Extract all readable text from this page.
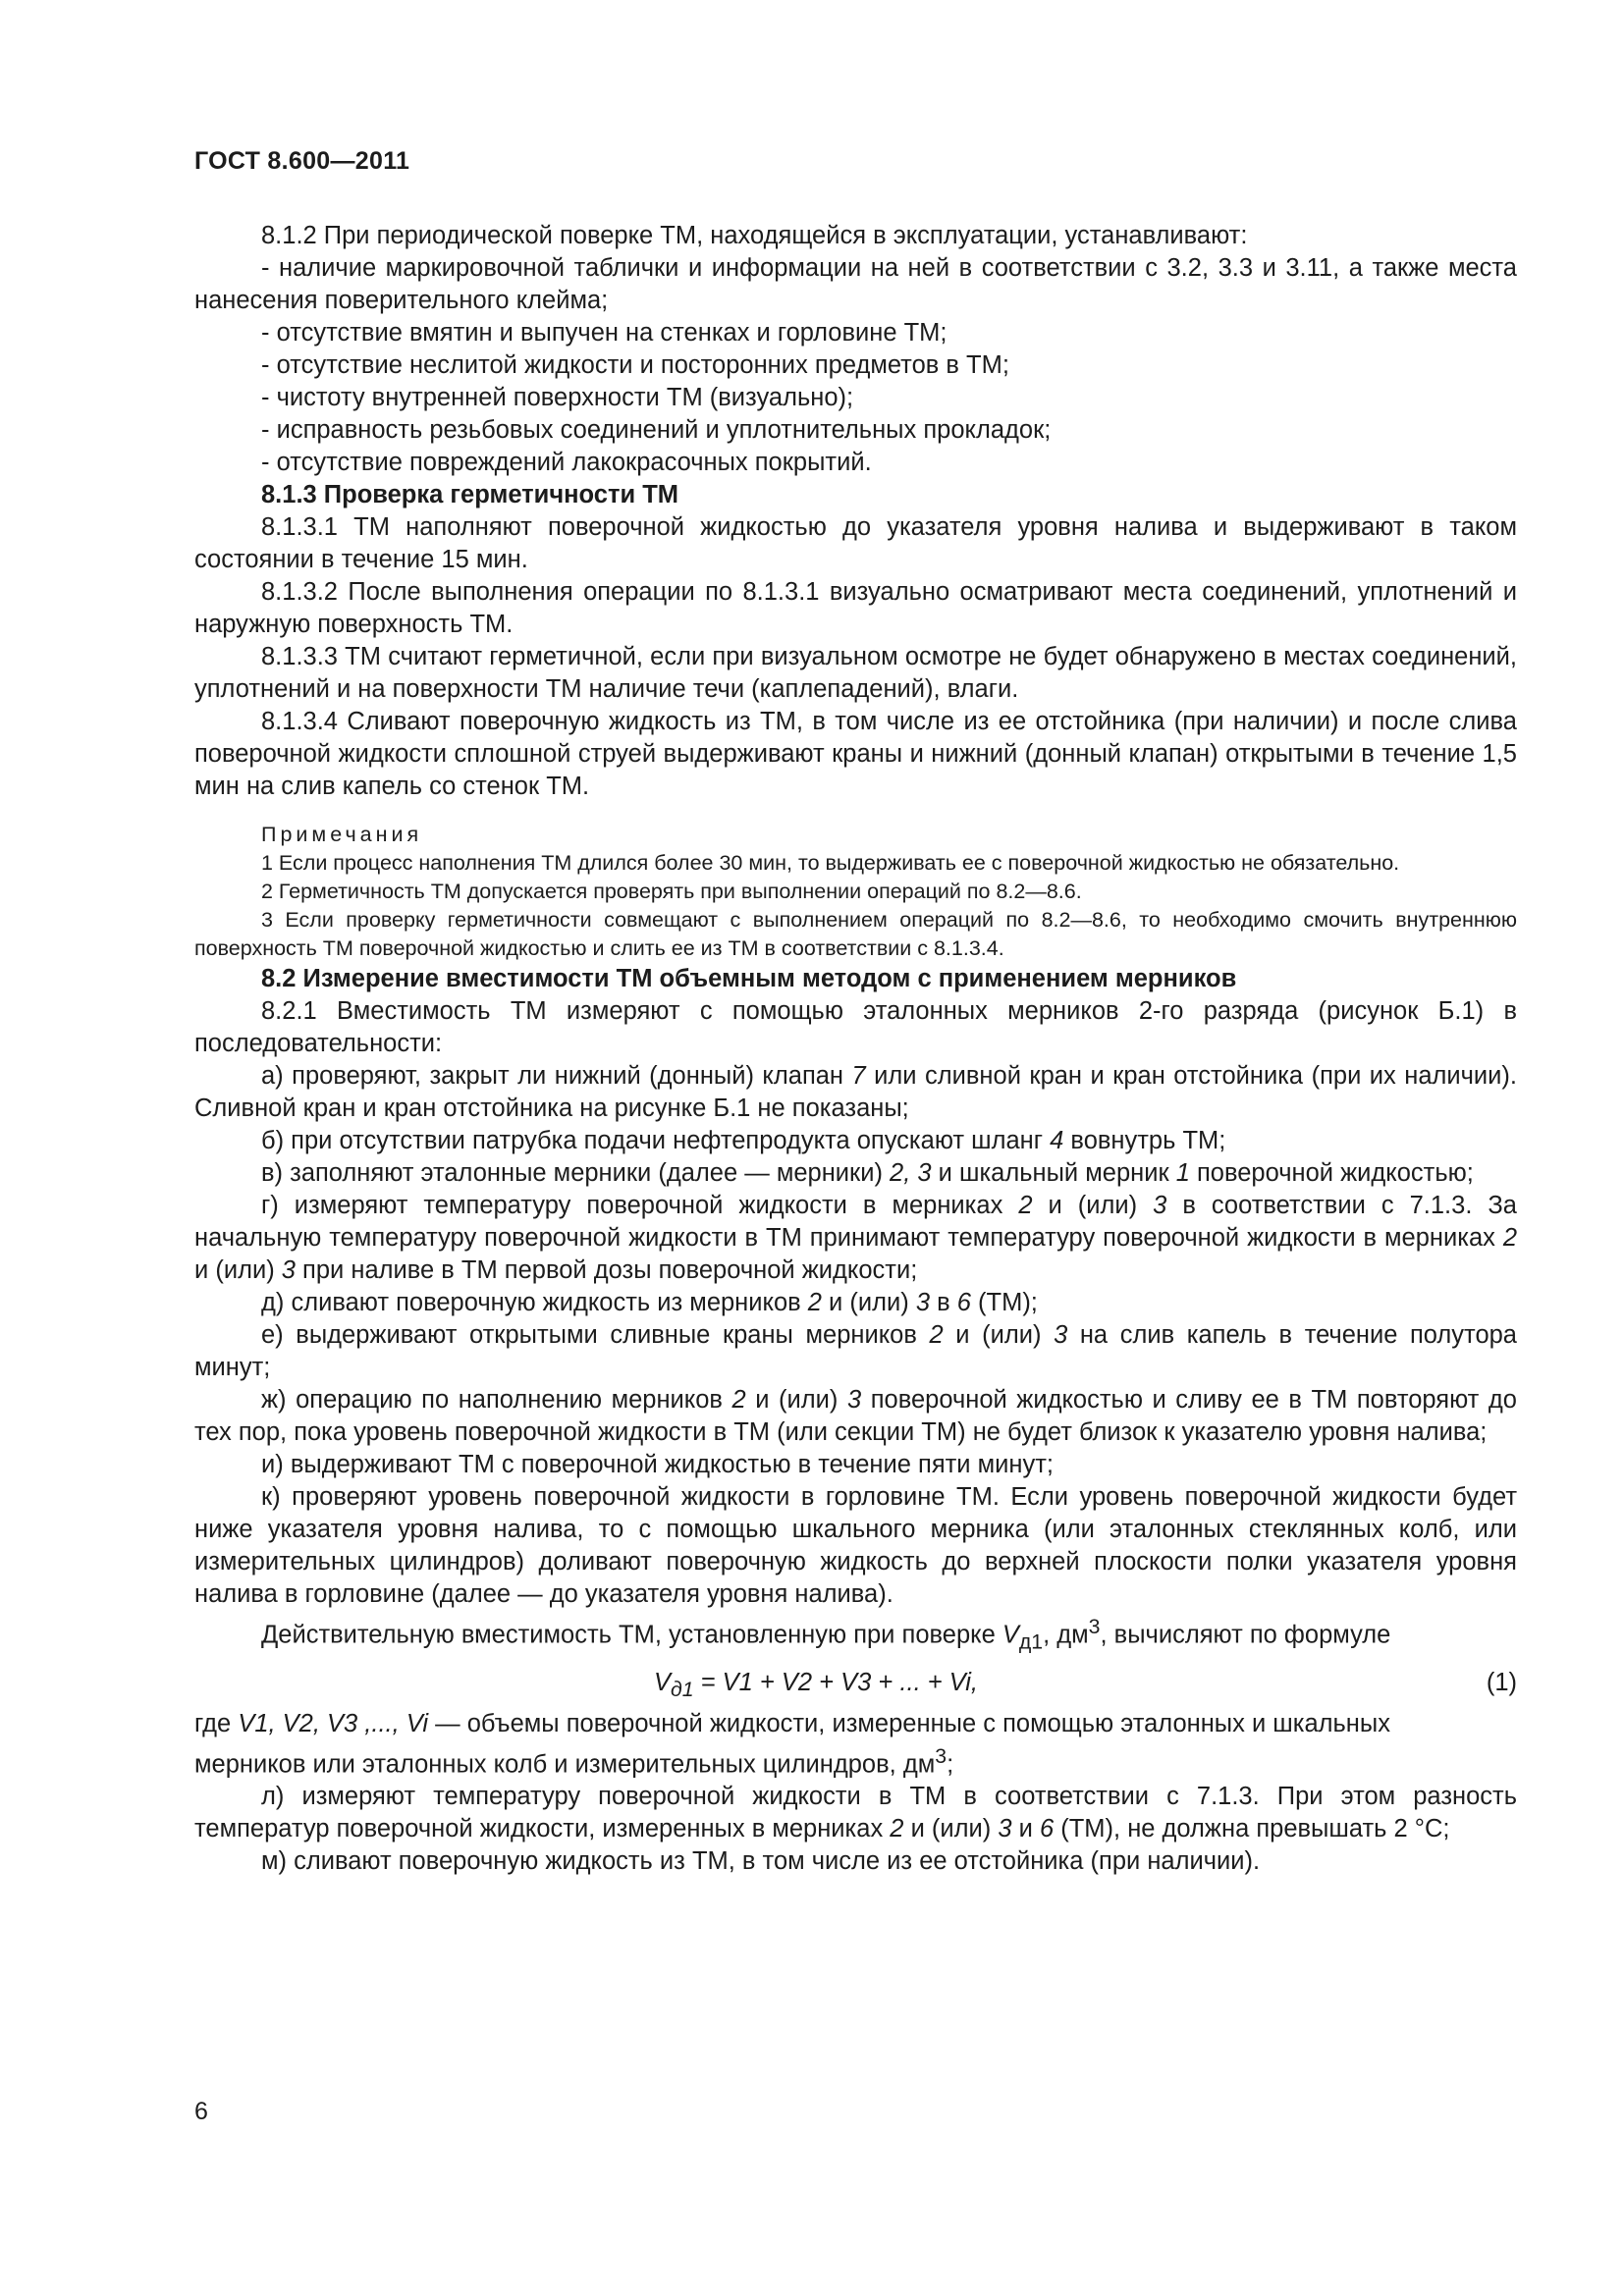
ГОСТ 8.600—2011

8.1.2 При периодической поверке ТМ, находящейся в эксплуатации, устанавливают:

- наличие маркировочной таблички и информации на ней в соответствии с 3.2, 3.3 и 3.11, а также места нанесения поверительного клейма;

- отсутствие вмятин и выпучен на стенках и горловине ТМ;

- отсутствие неслитой жидкости и посторонних предметов в ТМ;

- чистоту внутренней поверхности ТМ (визуально);

- исправность резьбовых соединений и уплотнительных прокладок;

- отсутствие повреждений лакокрасочных покрытий.

8.1.3 Проверка герметичности ТМ

8.1.3.1 ТМ наполняют поверочной жидкостью до указателя уровня налива и выдерживают в таком состоянии в течение 15 мин.

8.1.3.2 После выполнения операции по 8.1.3.1 визуально осматривают места соединений, уплотнений и наружную поверхность ТМ.

8.1.3.3 ТМ считают герметичной, если при визуальном осмотре не будет обнаружено в местах соединений, уплотнений и на поверхности ТМ наличие течи (каплепадений), влаги.

8.1.3.4 Сливают поверочную жидкость из ТМ, в том числе из ее отстойника (при наличии) и после слива поверочной жидкости сплошной струей выдерживают краны и нижний (донный клапан) открытыми в течение 1,5 мин на слив капель со стенок ТМ.

Примечания

1 Если процесс наполнения ТМ длился более 30 мин, то выдерживать ее с поверочной жидкостью не обязательно.

2 Герметичность ТМ допускается проверять при выполнении операций по 8.2—8.6.

3 Если проверку герметичности совмещают с выполнением операций по 8.2—8.6, то необходимо смочить внутреннюю поверхность ТМ поверочной жидкостью и слить ее из ТМ в соответствии с 8.1.3.4.

8.2 Измерение вместимости ТМ объемным методом с применением мерников

8.2.1 Вместимость ТМ измеряют с помощью эталонных мерников 2-го разряда (рисунок Б.1) в последовательности:

а) проверяют, закрыт ли нижний (донный) клапан 7 или сливной кран и кран отстойника (при их наличии). Сливной кран и кран отстойника на рисунке Б.1 не показаны;

б) при отсутствии патрубка подачи нефтепродукта опускают шланг 4 вовнутрь ТМ;

в) заполняют эталонные мерники (далее — мерники) 2, 3 и шкальный мерник 1 поверочной жидкостью;

г) измеряют температуру поверочной жидкости в мерниках 2 и (или) 3 в соответствии с 7.1.3. За начальную температуру поверочной жидкости в ТМ принимают температуру поверочной жидкости в мерниках 2 и (или) 3 при наливе в ТМ первой дозы поверочной жидкости;

д) сливают поверочную жидкость из мерников 2 и (или) 3 в 6 (ТМ);

е) выдерживают открытыми сливные краны мерников 2 и (или) 3 на слив капель в течение полутора минут;

ж) операцию по наполнению мерников 2 и (или) 3 поверочной жидкостью и сливу ее в ТМ повторяют до тех пор, пока уровень поверочной жидкости в ТМ (или секции ТМ) не будет близок к указателю уровня налива;

и) выдерживают ТМ с поверочной жидкостью в течение пяти минут;

к) проверяют уровень поверочной жидкости в горловине ТМ. Если уровень поверочной жидкости будет ниже указателя уровня налива, то с помощью шкального мерника (или эталонных стеклянных колб, или измерительных цилиндров) доливают поверочную жидкость до верхней плоскости полки указателя уровня налива в горловине (далее — до указателя уровня налива).

Действительную вместимость ТМ, установленную при поверке $V_{д1}$, $дм^3$, вычисляют по формуле

$V_{д1} = V1 + V2 + V3$ + ... + Vi,	(1)

где V1, V2, V3 ,..., Vi — объемы поверочной жидкости, измеренные с помощью эталонных и шкальных

мерников или эталонных колб и измерительных цилиндров, $дм^3$;

л) измеряют температуру поверочной жидкости в ТМ в соответствии с 7.1.3. При этом разность температур поверочной жидкости, измеренных в мерниках 2 и (или) 3 и 6 (ТМ), не должна превышать 2 °С;

м) сливают поверочную жидкость из ТМ, в том числе из ее отстойника (при наличии).

6
